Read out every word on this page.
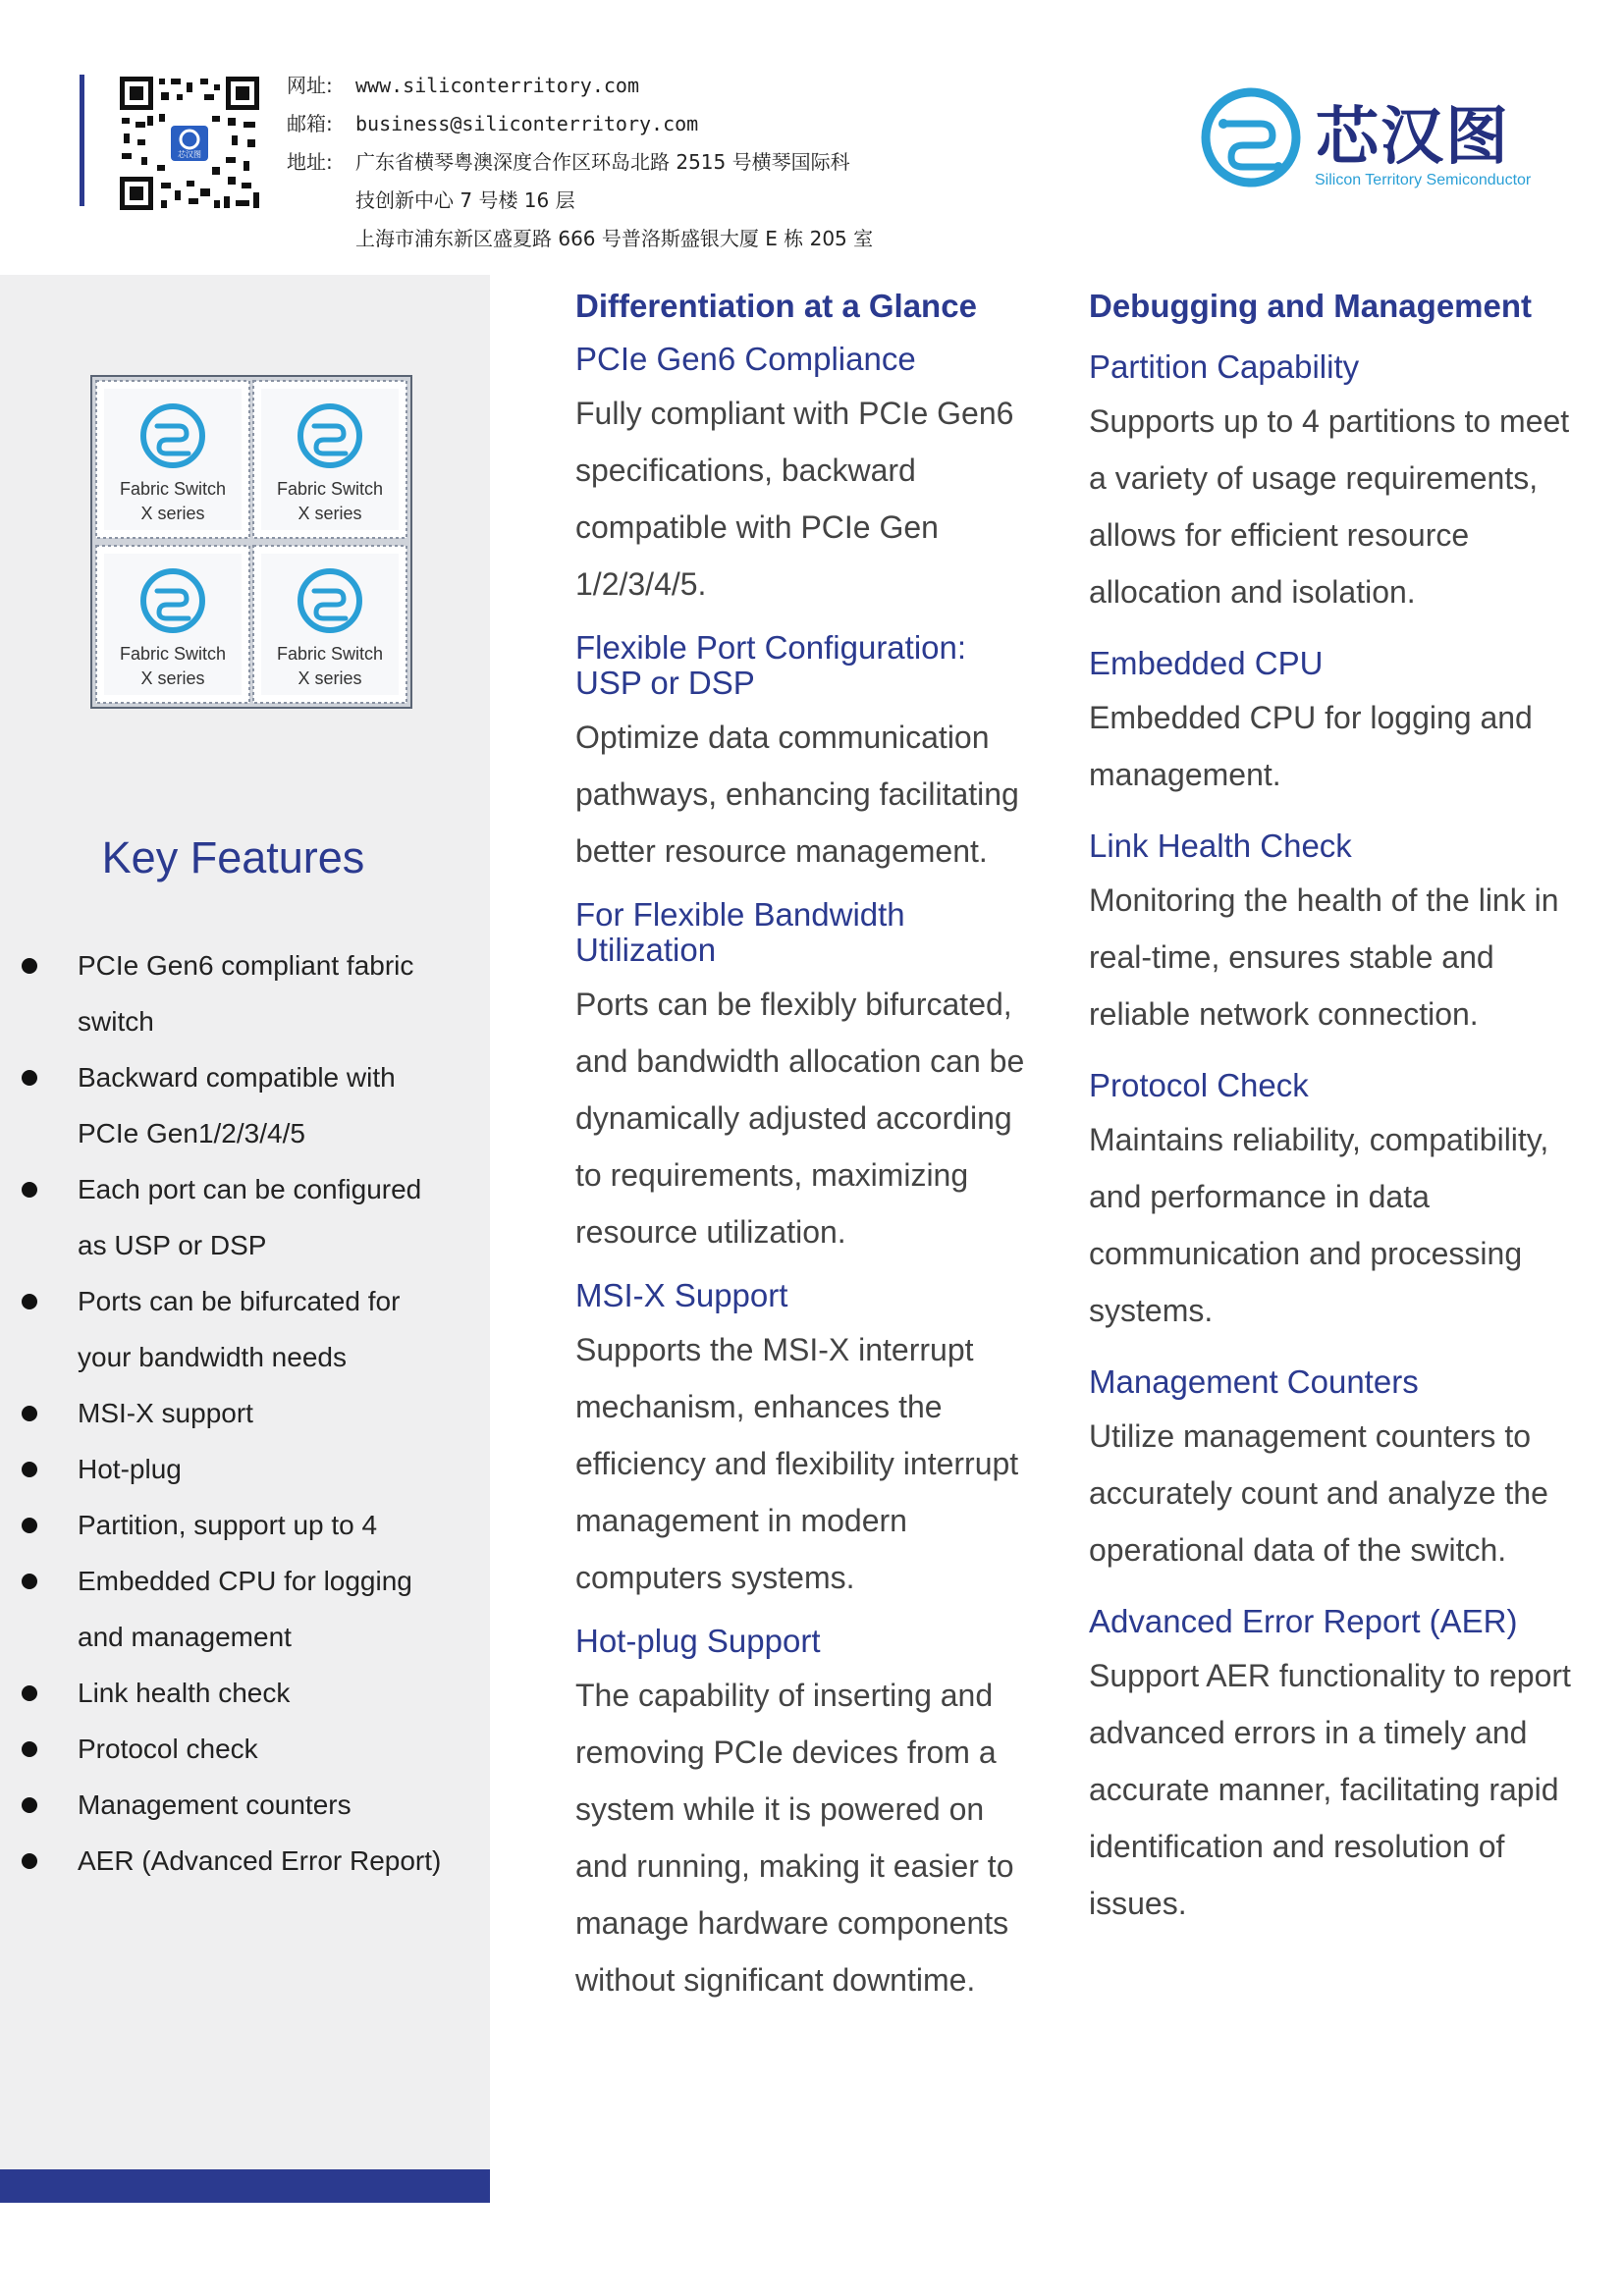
芯汉图
网址: www.siliconterritory.com
邮箱: business@siliconterritory.com
地址: 广东省横琴粤澳深度合作区环岛北路 2515 号横琴国际科
技创新中心 7 号楼 16 层
上海市浦东新区盛夏路 666 号普洛斯盛银大厦 E 栋 205 室
芯汉图
Silicon Territory Semiconductor
Fabric Switch
X series
Fabric Switch
X series
Fabric Switch
X series
Fabric Switch
X series
Key Features
PCIe Gen6 compliant fabric switch
Backward compatible with PCIe Gen1/2/3/4/5
Each port can be configured as USP or DSP
Ports can be bifurcated for your bandwidth needs
MSI-X support
Hot-plug
Partition, support up to 4
Embedded CPU for logging and management
Link health check
Protocol check
Management counters
AER (Advanced Error Report)
Differentiation at a Glance
PCIe Gen6 Compliance
Fully compliant with PCIe Gen6 specifications, backward compatible with PCIe Gen 1/2/3/4/5.
Flexible Port Configuration: USP or DSP
Optimize data communication pathways, enhancing facilitating better resource management.
For Flexible Bandwidth Utilization
Ports can be flexibly bifurcated, and bandwidth allocation can be dynamically adjusted according to requirements, maximizing resource utilization.
MSI-X Support
Supports the MSI-X interrupt mechanism, enhances the efficiency and flexibility interrupt management in modern computers systems.
Hot-plug Support
The capability of inserting and removing PCIe devices from a system while it is powered on and running, making it easier to manage hardware components without significant downtime.
Debugging and Management
Partition Capability
Supports up to 4 partitions to meet a variety of usage requirements, allows for efficient resource allocation and isolation.
Embedded CPU
Embedded CPU for logging and management.
Link Health Check
Monitoring the health of the link in real-time, ensures stable and reliable network connection.
Protocol Check
Maintains reliability, compatibility, and performance in data communication and processing systems.
Management Counters
Utilize management counters to accurately count and analyze the operational data of the switch.
Advanced Error Report (AER)
Support AER functionality to report advanced errors in a timely and accurate manner, facilitating rapid identification and resolution of issues.
